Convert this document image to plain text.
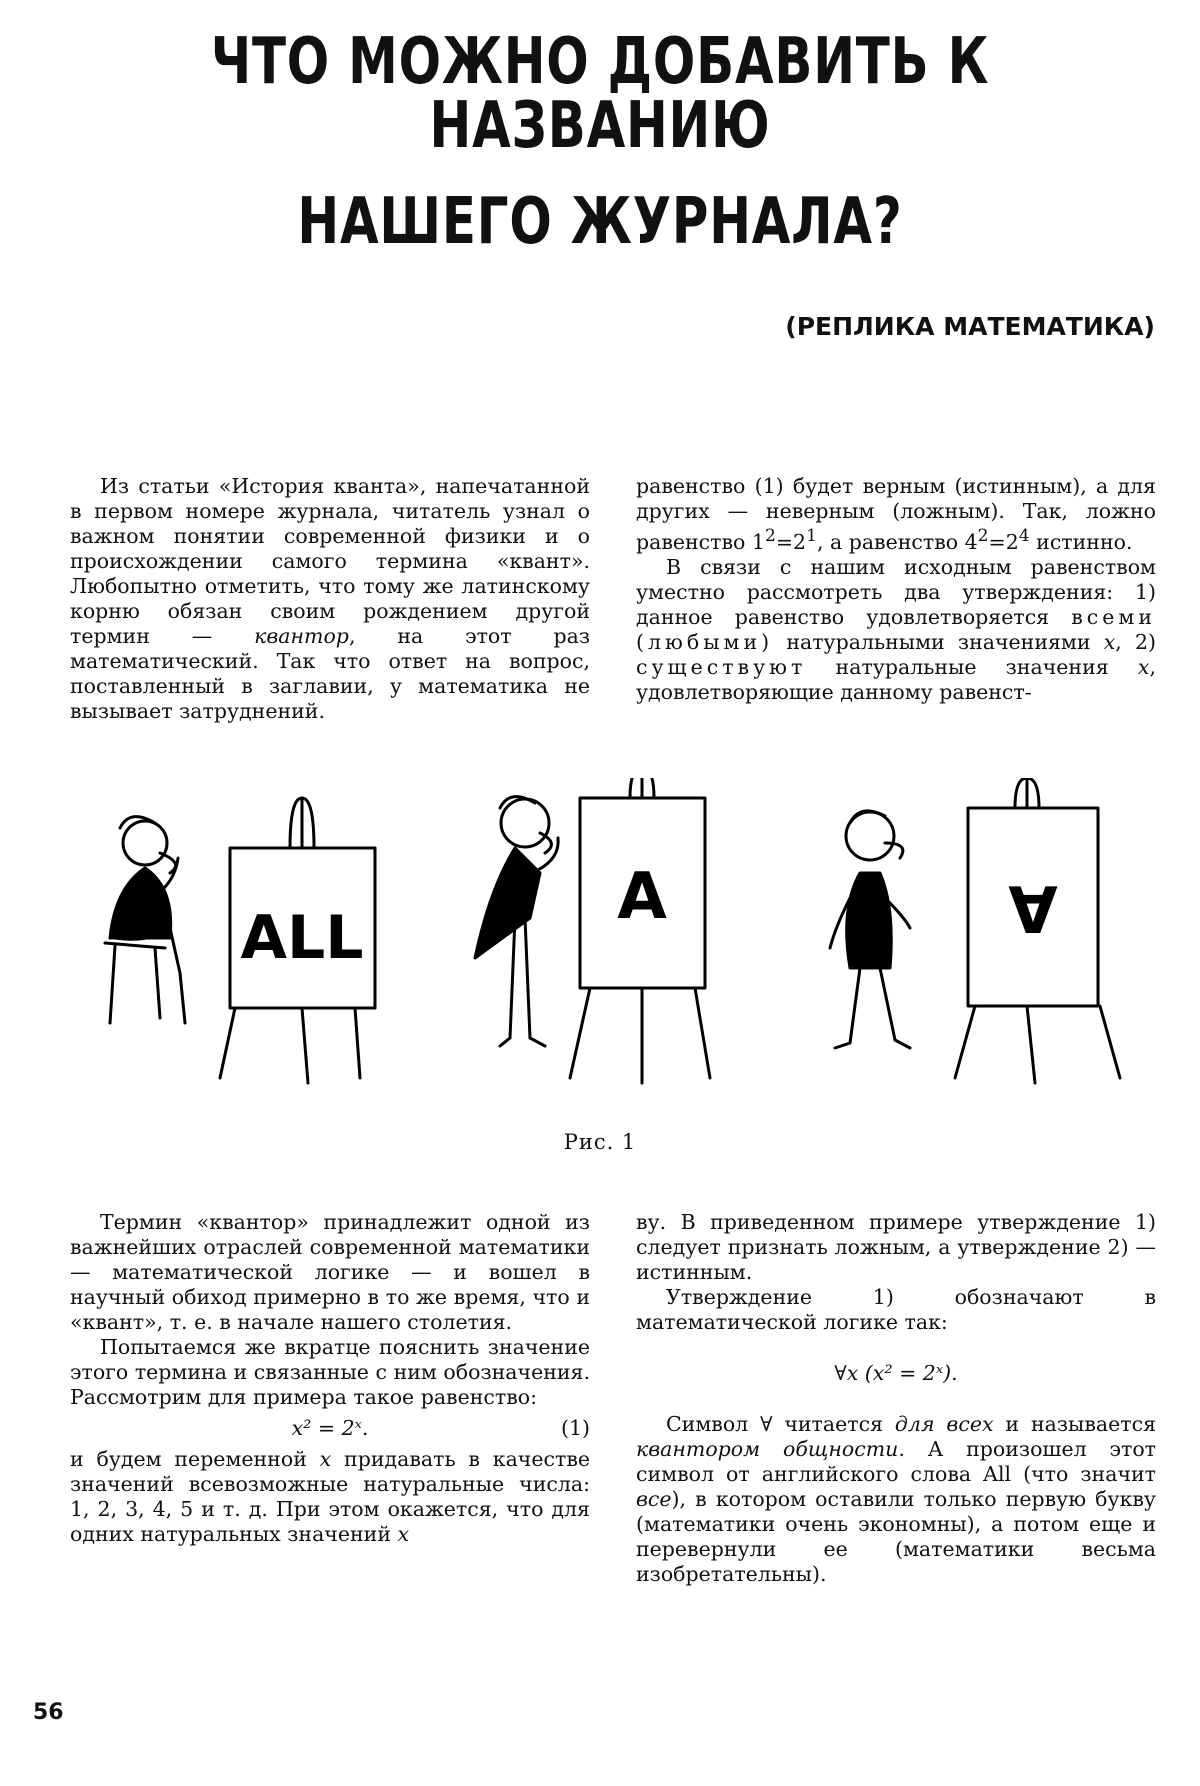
ЧТО МОЖНО ДОБАВИТЬ К НАЗВАНИЮ
НАШЕГО ЖУРНАЛА?
(РЕПЛИКА МАТЕМАТИКА)

Из статьи «История кванта», напечатанной в первом номере журнала, читатель узнал о важном понятии современной физики и о происхождении самого термина «квант». Любопытно отметить, что тому же латинскому корню обязан своим рождением другой термин — квантор, на этот раз математический. Так что ответ на вопрос, поставленный в заглавии, у математика не вызывает затруднений.

равенство (1) будет верным (истинным), а для других — неверным (ложным). Так, ложно равенство $1^2=2^1$, а равенство $4^2=2^4$ истинно.

В связи с нашим исходным равенством уместно рассмотреть два утверждения: 1) данное равенство удовлетворяется всеми (любыми) натуральными значениями x, 2) существуют натуральные значения x, удовлетворяющие данному равенст-

ALL
A	∀
Рис. 1

Термин «квантор» принадлежит одной из важнейших отраслей современной математики — математической логике — и вошел в научный обиход примерно в то же время, что и «квант», т. е. в начале нашего столетия.

Попытаемся же вкратце пояснить значение этого термина и связанные с ним обозначения. Рассмотрим для примера такое равенство:

x² = 2ˣ.	(1)

и будем переменной x придавать в качестве значений всевозможные натуральные числа: 1, 2, 3, 4, 5 и т. д. При этом окажется, что для одних натуральных значений x

ву. В приведенном примере утверждение 1) следует признать ложным, а утверждение 2) — истинным.

Утверждение 1) обозначают в математической логике так:

∀x (x² = 2ˣ).

Символ ∀ читается для всех и называется квантором общности. А произошел этот символ от английского слова All (что значит все), в котором оставили только первую букву (математики очень экономны), а потом еще и перевернули ее (математики весьма изобретательны).

56
